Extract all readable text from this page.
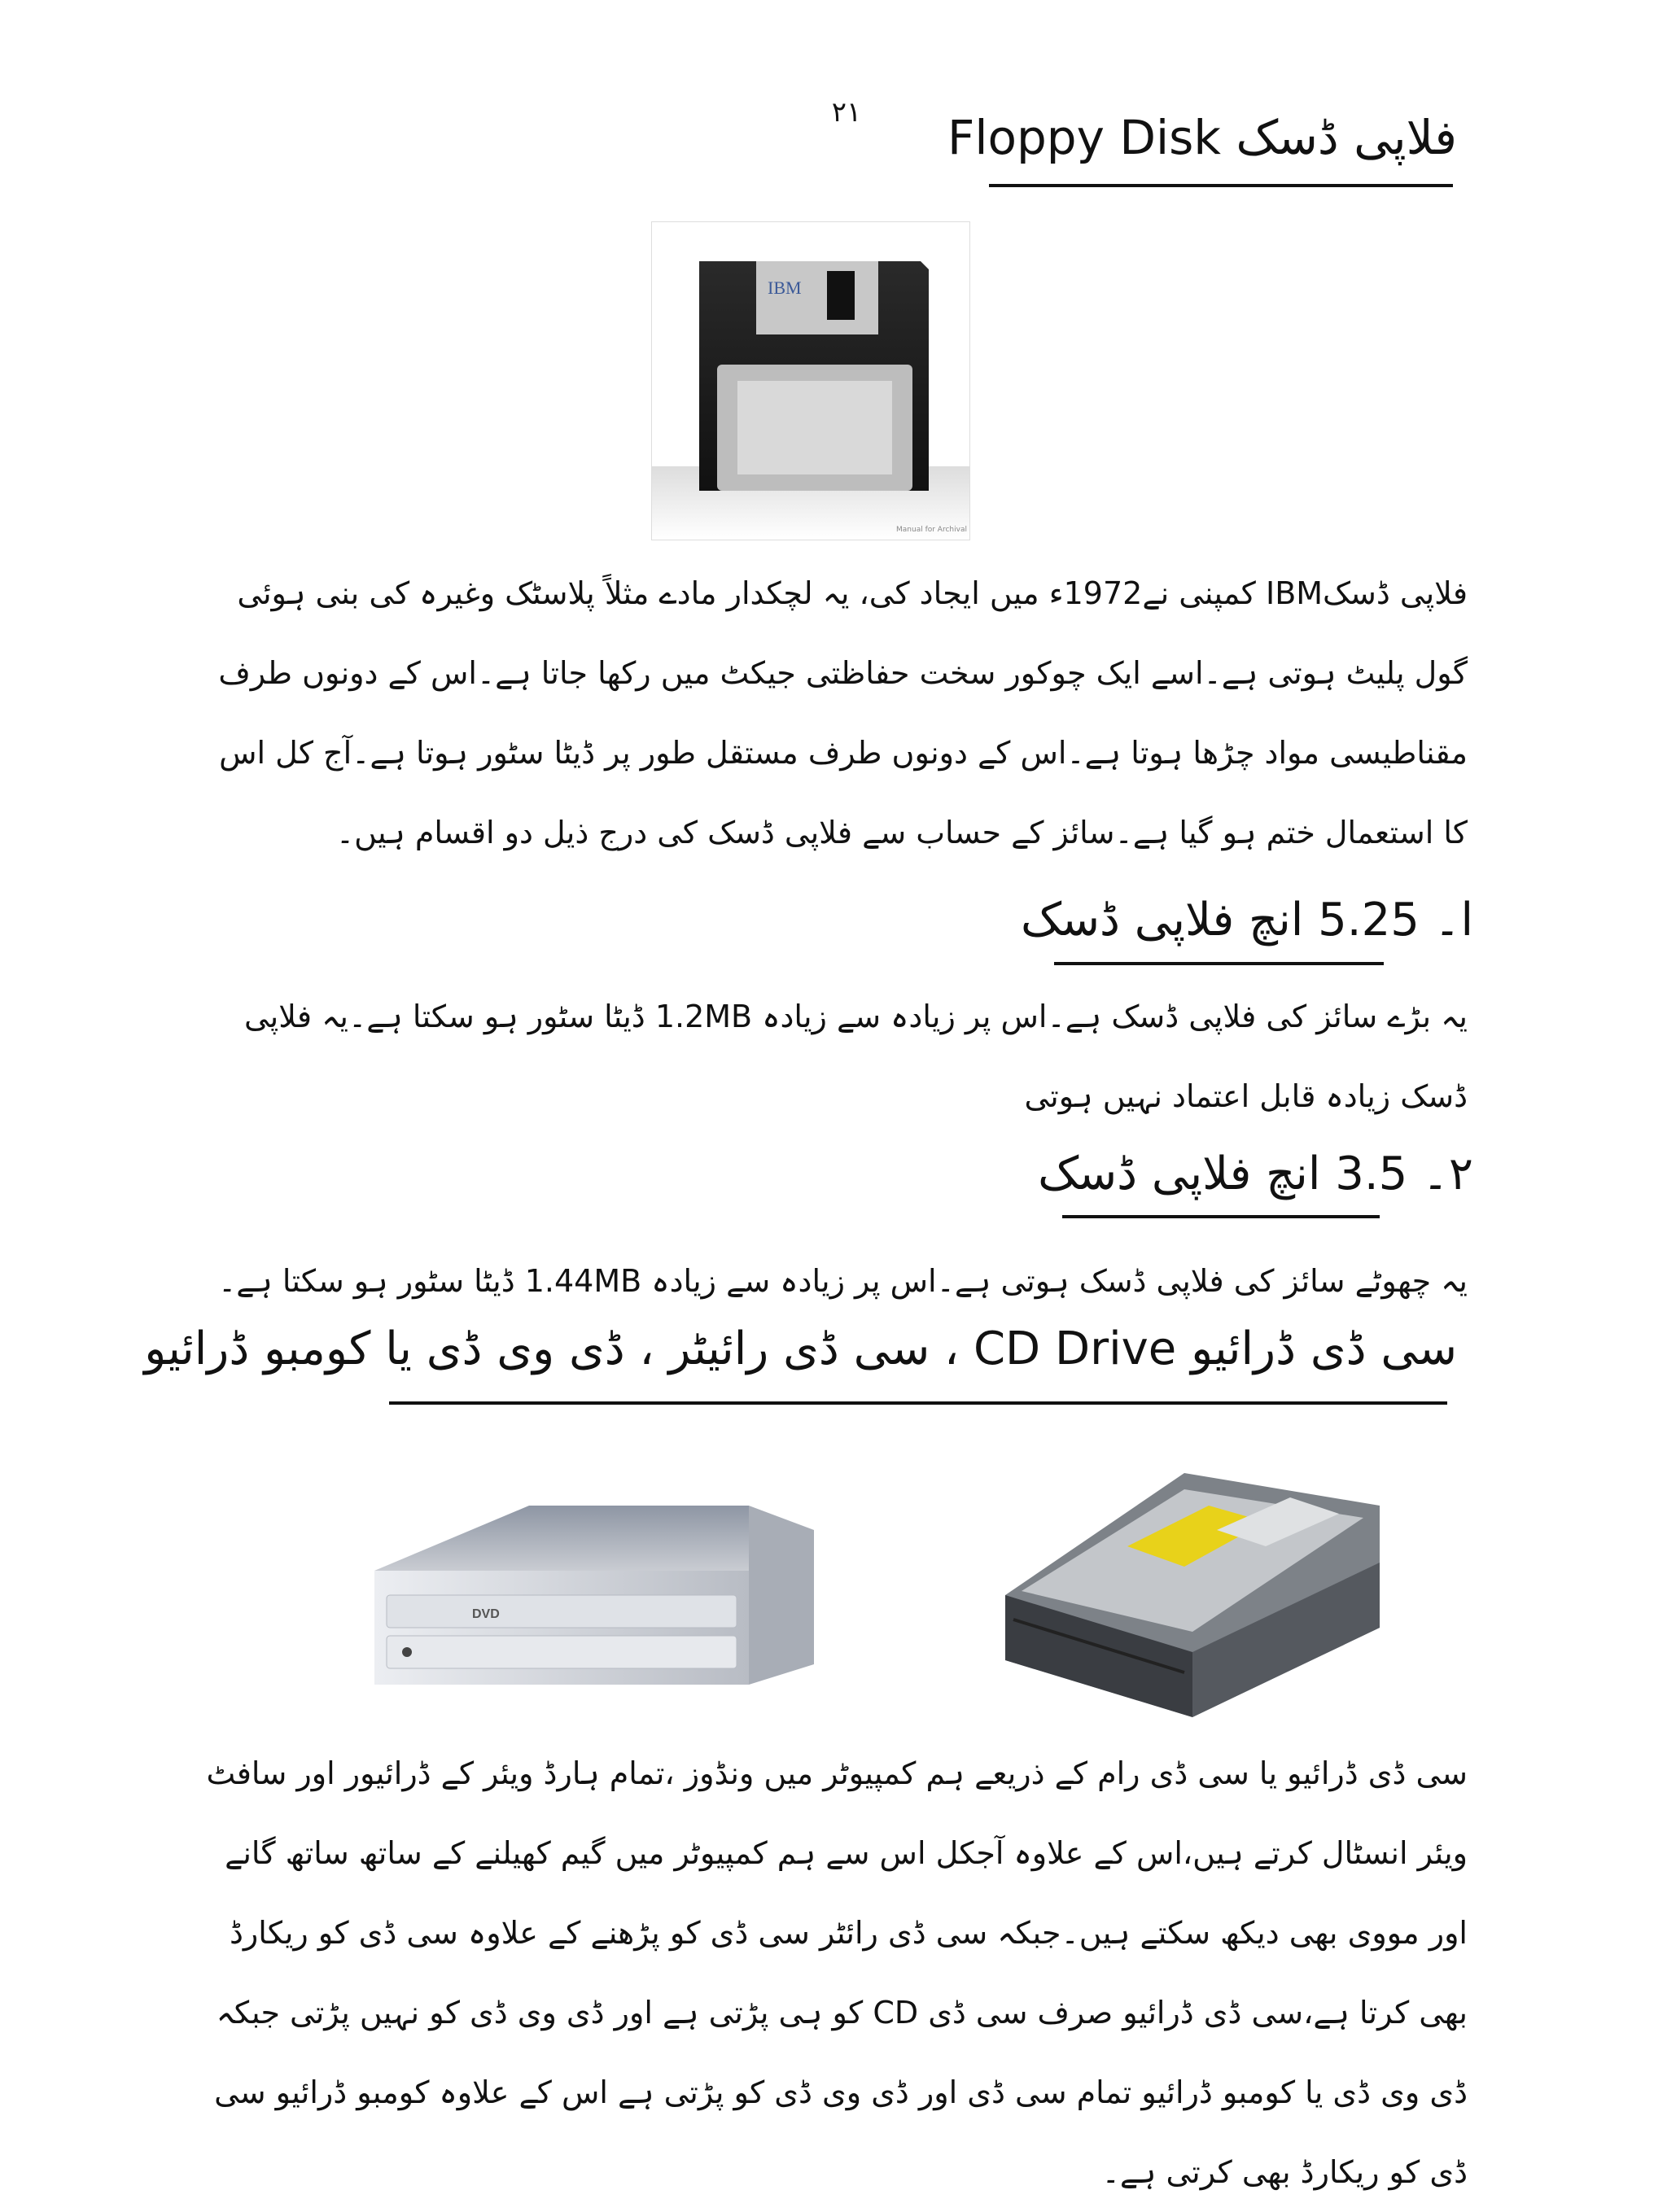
۲۱	فلاپی ڈسک Floppy Disk
IBM
Manual for Archival
فلاپی ڈسکIBM کمپنی نے1972ء میں ایجاد کی، یہ لچکدار مادے مثلاً پلاسٹک وغیرہ کی بنی ہوئی گول پلیٹ ہوتی ہے۔اسے ایک چوکور سخت حفاظتی جیکٹ میں رکھا جاتا ہے۔اس کے دونوں طرف مقناطیسی مواد چڑھا ہوتا ہے۔اس کے دونوں طرف مستقل طور پر ڈیٹا سٹور ہوتا ہے۔آج کل اس کا استعمال ختم ہو گیا ہے۔سائز کے حساب سے فلاپی ڈسک کی درج ذیل دو اقسام ہیں۔
ا۔ 5.25 انچ فلاپی ڈسک
یہ بڑے سائز کی فلاپی ڈسک ہے۔اس پر زیادہ سے زیادہ 1.2MB ڈیٹا سٹور ہو سکتا ہے۔یہ فلاپی ڈسک زیادہ قابل اعتماد نہیں ہوتی
۲۔ 3.5 انچ فلاپی ڈسک
یہ چھوٹے سائز کی فلاپی ڈسک ہوتی ہے۔اس پر زیادہ سے زیادہ 1.44MB ڈیٹا سٹور ہو سکتا ہے۔
سی ڈی ڈرائیو CD Drive ، سی ڈی رائیٹر ، ڈی وی ڈی یا کومبو ڈرائیو
DVD
سی ڈی ڈرائیو یا سی ڈی رام کے ذریعے ہم کمپیوٹر میں ونڈوز ،تمام ہارڈ ویئر کے ڈرائیور اور سافٹ ویئر انسٹال کرتے ہیں،اس کے علاوہ آجکل اس سے ہم کمپیوٹر میں گیم کھیلنے کے ساتھ ساتھ گانے اور مووی بھی دیکھ سکتے ہیں۔جبکہ سی ڈی رائٹر سی ڈی کو پڑھنے کے علاوہ سی ڈی کو ریکارڈ بھی کرتا ہے،سی ڈی ڈرائیو صرف سی ڈی CD کو ہی پڑتی ہے اور ڈی وی ڈی کو نہیں پڑتی جبکہ ڈی وی ڈی یا کومبو ڈرائیو تمام سی ڈی اور ڈی وی ڈی کو پڑتی ہے اس کے علاوہ کومبو ڈرائیو سی ڈی کو ریکارڈ بھی کرتی ہے۔
